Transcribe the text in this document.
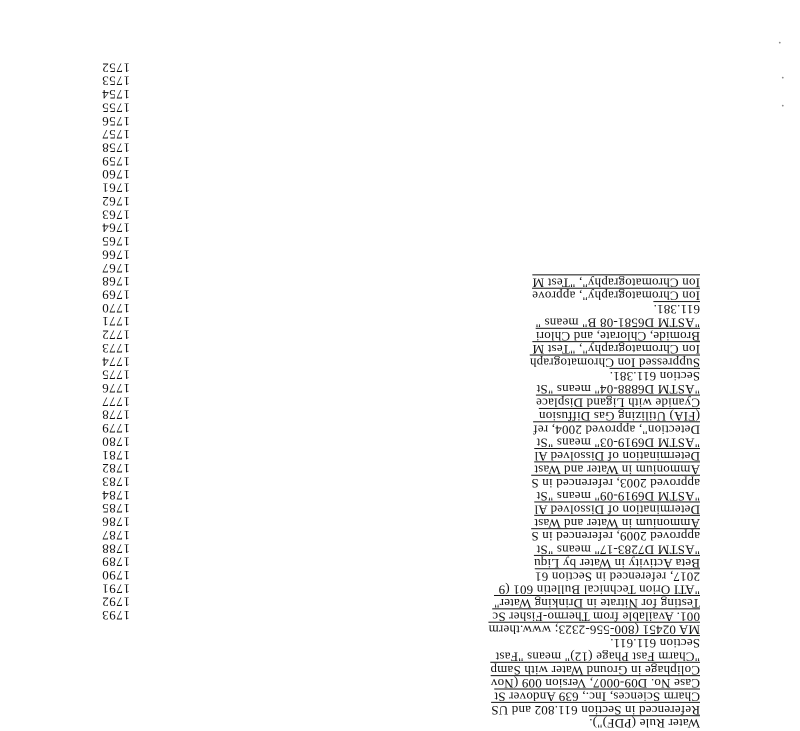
•
•
•
1752
1753
1754
1755
1756
1757
1758
1759
1760
1761
1762
1763
1764
1765
1766
1767
1768
1769
1770
1771
1772
1773
1774
1775
1776
1777
1778
1779
1780
1781
1782
1783
1784
1785
1786
1787
1788
1789
1790
1791
1792
1793
Ion Chromatography", "Test M
Ion Chromatography", approve
611.381.
"ASTM D6581-08 B" means "
Bromide, Chlorate, and Chlori
Ion Chromatography", "Test M
Suppressed Ion Chromatograph
Section 611.381.
"ASTM D6888-04" means "St
Cyanide with Ligand Displace
(FIA) Utilizing Gas Diffusion
Detection", approved 2004, ref
"ASTM D6919-03" means "St
Determination of Dissolved Al
Ammonium in Water and Wast
approved 2003, referenced in S
"ASTM D6919-09" means "St
Determination of Dissolved Al
Ammonium in Water and Wast
approved 2009, referenced in S
"ASTM D7283-17" means "St
Beta Activity in Water by Liqu
2017, referenced in Section 61
"ATI Orion Technical Bulletin 601 (9
Testing for Nitrate in Drinking Water"
001. Available from Thermo-Fisher Sc
MA 02451 (800-556-2323; www.therm
Section 611.611.
"Charm Fast Phage (12)" means "Fast
Coliphage in Ground Water with Samp
Case No. D09-0007, Version 009 (Nov
Charm Sciences, Inc., 639 Andover St
Referenced in Section 611.802 and US
Water Rule (PDF)").
